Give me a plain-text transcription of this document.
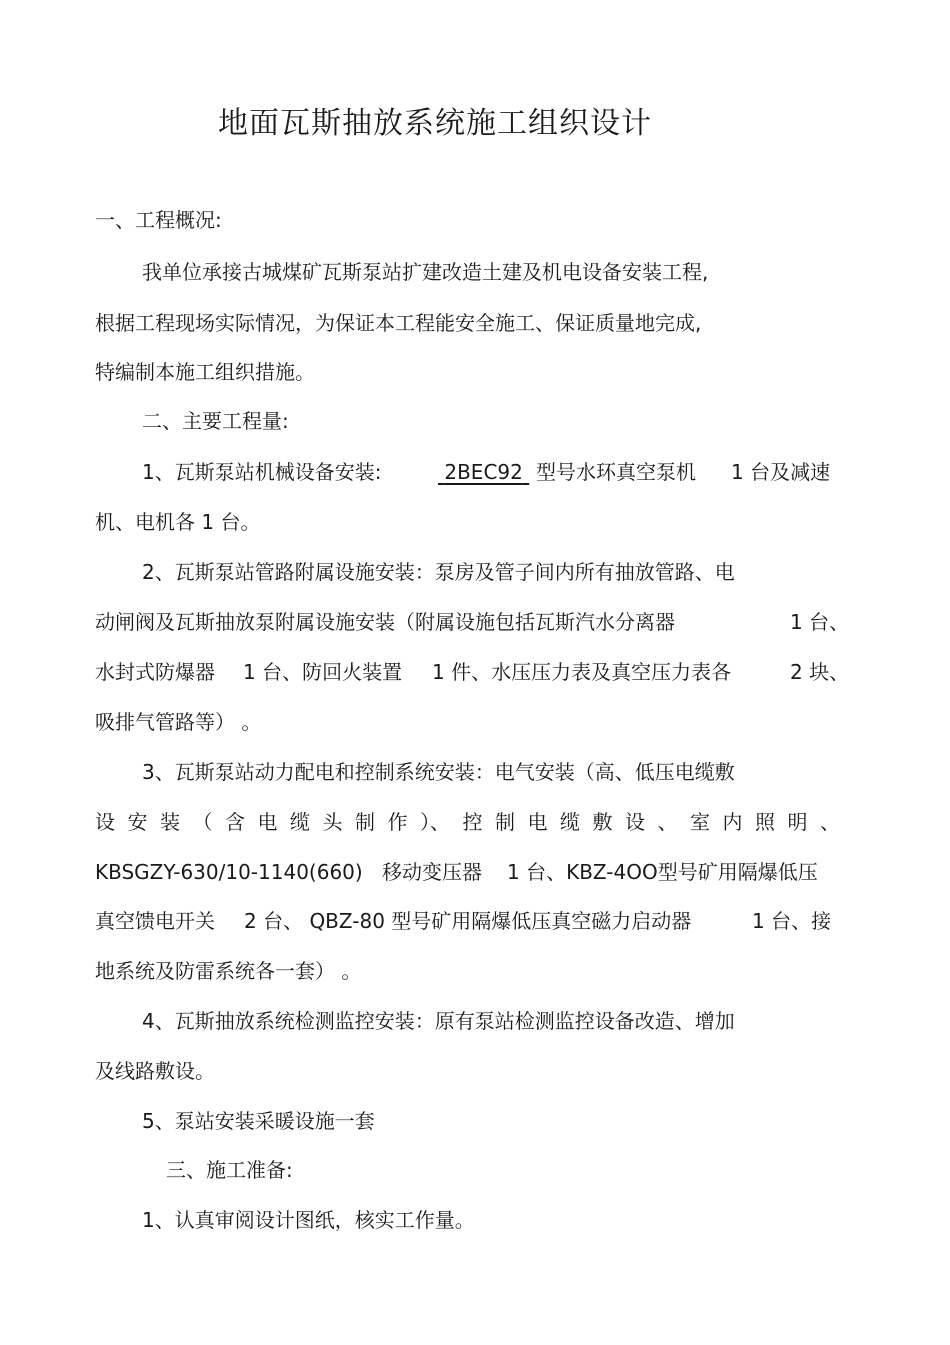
地面瓦斯抽放系统施工组织设计
一、工程概况:
我单位承接古城煤矿瓦斯泵站扩建改造土建及机电设备安装工程,
根据工程现场实际情况，为保证本工程能安全施工、保证质量地完成,
特编制本施工组织措施。
二、主要工程量:
1、瓦斯泵站机械设备安装:	2BEC92 型号水环真空泵机 1 台及减速
机、电机各 1 台。
2、瓦斯泵站管路附属设施安装：泵房及管子间内所有抽放管路、电
动闸阀及瓦斯抽放泵附属设施安装（附属设施包括瓦斯汽水分离器	1 台、
水封式防爆器 1 台、防回火装置 1 件、水压压力表及真空压力表各	2 块、
吸排气管路等） 。
3、瓦斯泵站动力配电和控制系统安装：电气安装（高、低压电缆敷
设 安 装 （ 含 电 缆 头 制 作 ）、 控 制 电 缆 敷 设 、 室 内 照 明 、
KBSGZY-630/10-1140(660) 移动变压器 1 台、KBZ-4OO型号矿用隔爆低压
真空馈电开关 2 台、 QBZ-80 型号矿用隔爆低压真空磁力启动器	1 台、接
地系统及防雷系统各一套） 。
4、瓦斯抽放系统检测监控安装：原有泵站检测监控设备改造、增加
及线路敷设。
5、泵站安装采暖设施一套
三、施工准备:
1、认真审阅设计图纸，核实工作量。
